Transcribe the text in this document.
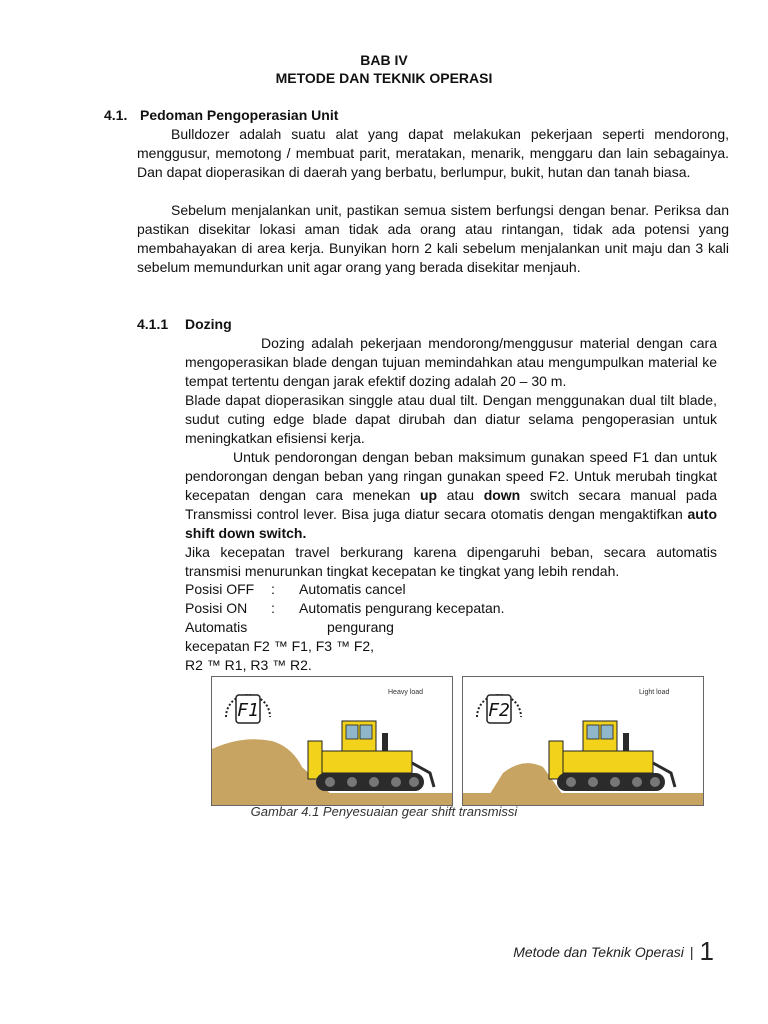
BAB IV
METODE DAN TEKNIK OPERASI
4.1. Pedoman Pengoperasian Unit
Bulldozer adalah suatu alat yang dapat melakukan pekerjaan seperti mendorong, menggusur, memotong / membuat parit, meratakan, menarik, menggaru dan lain sebagainya. Dan dapat dioperasikan di daerah yang berbatu, berlumpur, bukit, hutan dan tanah biasa.
Sebelum menjalankan unit, pastikan semua sistem berfungsi dengan benar. Periksa dan pastikan disekitar lokasi aman tidak ada orang atau rintangan, tidak ada potensi yang membahayakan di area kerja. Bunyikan horn 2 kali sebelum menjalankan unit maju dan 3 kali sebelum memundurkan unit agar orang yang berada disekitar menjauh.
4.1.1 Dozing
Dozing adalah pekerjaan mendorong/menggusur material dengan cara mengoperasikan blade dengan tujuan memindahkan atau mengumpulkan material ke tempat tertentu dengan jarak efektif dozing adalah 20 – 30 m.
Blade dapat dioperasikan singgle atau dual tilt. Dengan menggunakan dual tilt blade, sudut cuting edge blade dapat dirubah dan diatur selama pengoperasian untuk meningkatkan efisiensi kerja.
Untuk pendorongan dengan beban maksimum gunakan speed F1 dan untuk pendorongan dengan beban yang ringan gunakan speed F2. Untuk merubah tingkat kecepatan dengan cara menekan up atau down switch secara manual pada Transmissi control lever. Bisa juga diatur secara otomatis dengan mengaktifkan auto shift down switch.
Jika kecepatan travel berkurang karena dipengaruhi beban, secara automatis transmisi menurunkan tingkat kecepatan ke tingkat yang lebih rendah.
Posisi OFF : Automatis cancel
Posisi ON : Automatis pengurang kecepatan.
Automatis	pengurang
kecepatan F2 ™ F1, F3 ™ F2,
R2 ™ R1, R3 ™ R2.
F1
Heavy load
F2
Light load
Gambar 4.1 Penyesuaian gear shift transmissi
Metode dan Teknik Operasi | 1
